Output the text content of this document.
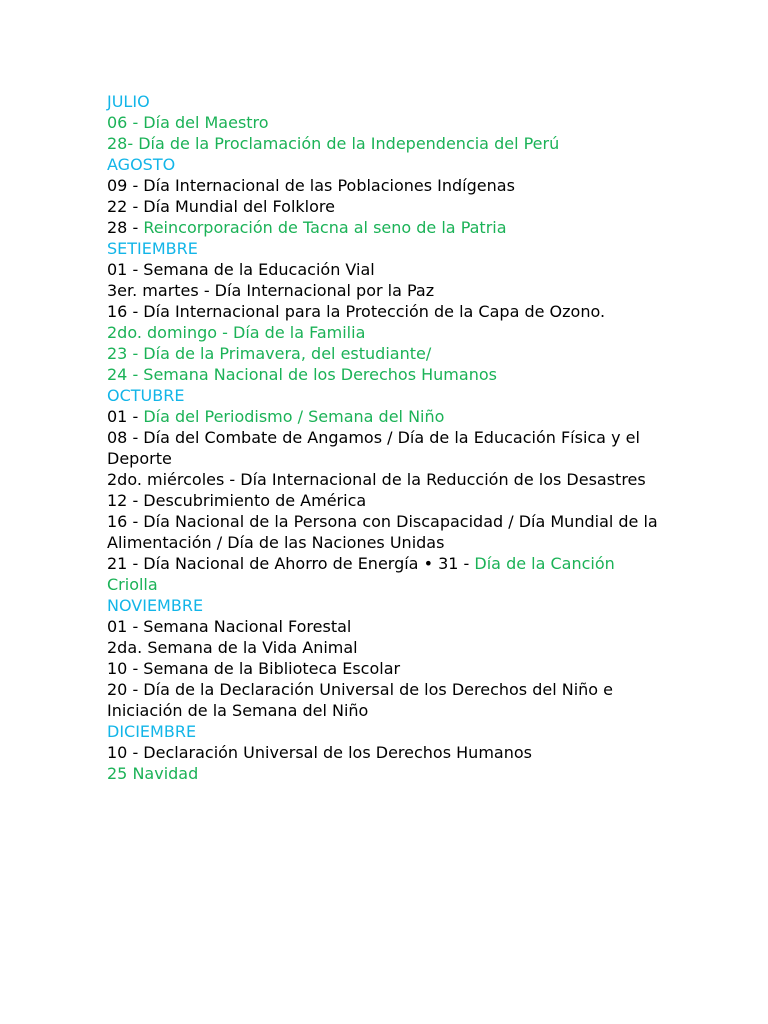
JULIO
06 - Día del Maestro
28- Día de la Proclamación de la Independencia del Perú
AGOSTO
09 - Día Internacional de las Poblaciones Indígenas
22 - Día Mundial del Folklore
28 - Reincorporación de Tacna al seno de la Patria
SETIEMBRE
01 - Semana de la Educación Vial
3er. martes - Día Internacional por la Paz
16 - Día Internacional para la Protección de la Capa de Ozono.
2do. domingo - Día de la Familia
23 - Día de la Primavera, del estudiante/
24 - Semana Nacional de los Derechos Humanos
OCTUBRE
01 - Día del Periodismo / Semana del Niño
08 - Día del Combate de Angamos / Día de la Educación Física y el Deporte
2do. miércoles - Día Internacional de la Reducción de los Desastres
12 - Descubrimiento de América
16 - Día Nacional de la Persona con Discapacidad / Día Mundial de la Alimentación / Día de las Naciones Unidas
21 - Día Nacional de Ahorro de Energía • 31 - Día de la Canción Criolla
NOVIEMBRE
01 - Semana Nacional Forestal
2da. Semana de la Vida Animal
10 - Semana de la Biblioteca Escolar
20 - Día de la Declaración Universal de los Derechos del Niño e Iniciación de la Semana del Niño
DICIEMBRE
10 - Declaración Universal de los Derechos Humanos
25 Navidad
